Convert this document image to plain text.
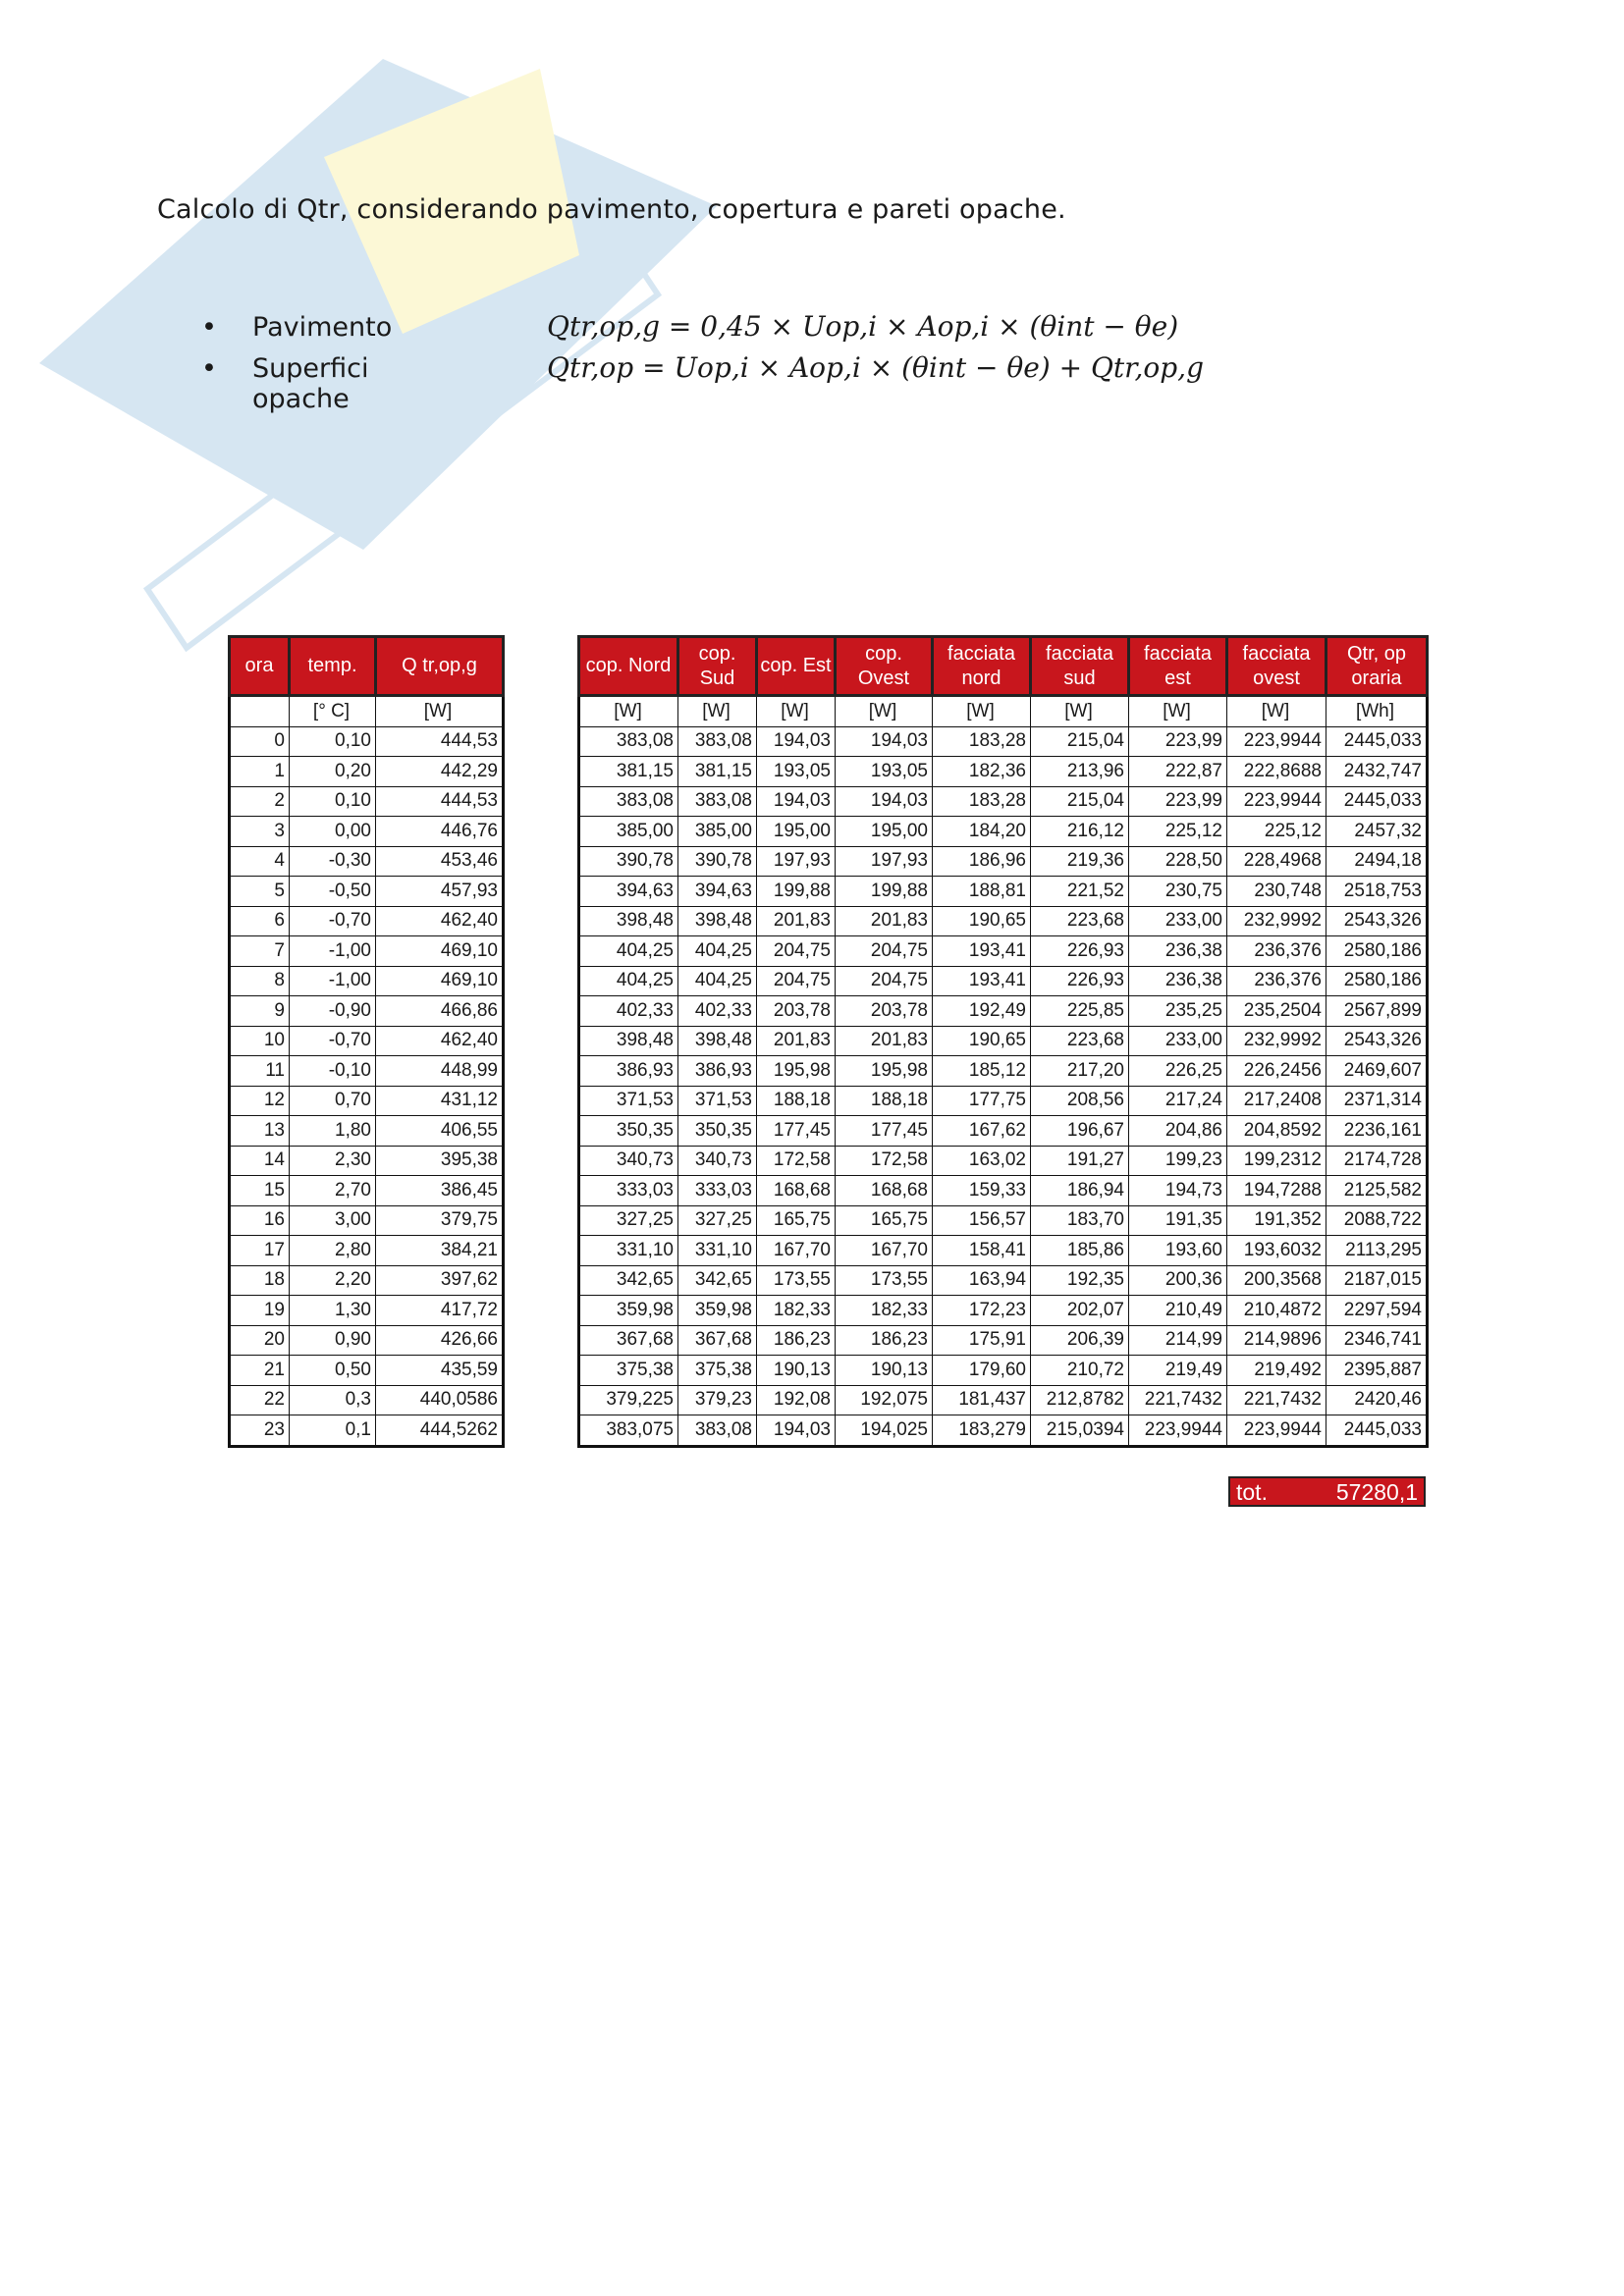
Calcolo di Qtr, considerando pavimento, copertura e pareti opache.
• Pavimento	Qtr,op,g = 0,45 × Uop,i × Aop,i × (θint − θe)
• Superfici opache
Qtr,op = Uop,i × Aop,i × (θint − θe) + Qtr,op,g
ora	temp.	Q tr,op,g
	[° C]	[W]
0	0,10	444,53
1	0,20	442,29
2	0,10	444,53
3	0,00	446,76
4	-0,30	453,46
5	-0,50	457,93
6	-0,70	462,40
7	-1,00	469,10
8	-1,00	469,10
9	-0,90	466,86
10	-0,70	462,40
11	-0,10	448,99
12	0,70	431,12
13	1,80	406,55
14	2,30	395,38
15	2,70	386,45
16	3,00	379,75
17	2,80	384,21
18	2,20	397,62
19	1,30	417,72
20	0,90	426,66
21	0,50	435,59
22	0,3	440,0586
23	0,1	444,5262
cop. Nord	cop. Sud	cop. Est	cop. Ovest	facciata nord	facciata sud	facciata est	facciata ovest	Qtr, op oraria
[W]	[W]	[W]	[W]	[W]	[W]	[W]	[W]	[Wh]
383,08	383,08	194,03	194,03	183,28	215,04	223,99	223,9944	2445,033
381,15	381,15	193,05	193,05	182,36	213,96	222,87	222,8688	2432,747
383,08	383,08	194,03	194,03	183,28	215,04	223,99	223,9944	2445,033
385,00	385,00	195,00	195,00	184,20	216,12	225,12	225,12	2457,32
390,78	390,78	197,93	197,93	186,96	219,36	228,50	228,4968	2494,18
394,63	394,63	199,88	199,88	188,81	221,52	230,75	230,748	2518,753
398,48	398,48	201,83	201,83	190,65	223,68	233,00	232,9992	2543,326
404,25	404,25	204,75	204,75	193,41	226,93	236,38	236,376	2580,186
404,25	404,25	204,75	204,75	193,41	226,93	236,38	236,376	2580,186
402,33	402,33	203,78	203,78	192,49	225,85	235,25	235,2504	2567,899
398,48	398,48	201,83	201,83	190,65	223,68	233,00	232,9992	2543,326
386,93	386,93	195,98	195,98	185,12	217,20	226,25	226,2456	2469,607
371,53	371,53	188,18	188,18	177,75	208,56	217,24	217,2408	2371,314
350,35	350,35	177,45	177,45	167,62	196,67	204,86	204,8592	2236,161
340,73	340,73	172,58	172,58	163,02	191,27	199,23	199,2312	2174,728
333,03	333,03	168,68	168,68	159,33	186,94	194,73	194,7288	2125,582
327,25	327,25	165,75	165,75	156,57	183,70	191,35	191,352	2088,722
331,10	331,10	167,70	167,70	158,41	185,86	193,60	193,6032	2113,295
342,65	342,65	173,55	173,55	163,94	192,35	200,36	200,3568	2187,015
359,98	359,98	182,33	182,33	172,23	202,07	210,49	210,4872	2297,594
367,68	367,68	186,23	186,23	175,91	206,39	214,99	214,9896	2346,741
375,38	375,38	190,13	190,13	179,60	210,72	219,49	219,492	2395,887
379,225	379,23	192,08	192,075	181,437	212,8782	221,7432	221,7432	2420,46
383,075	383,08	194,03	194,025	183,279	215,0394	223,9944	223,9944	2445,033
tot.	57280,1
